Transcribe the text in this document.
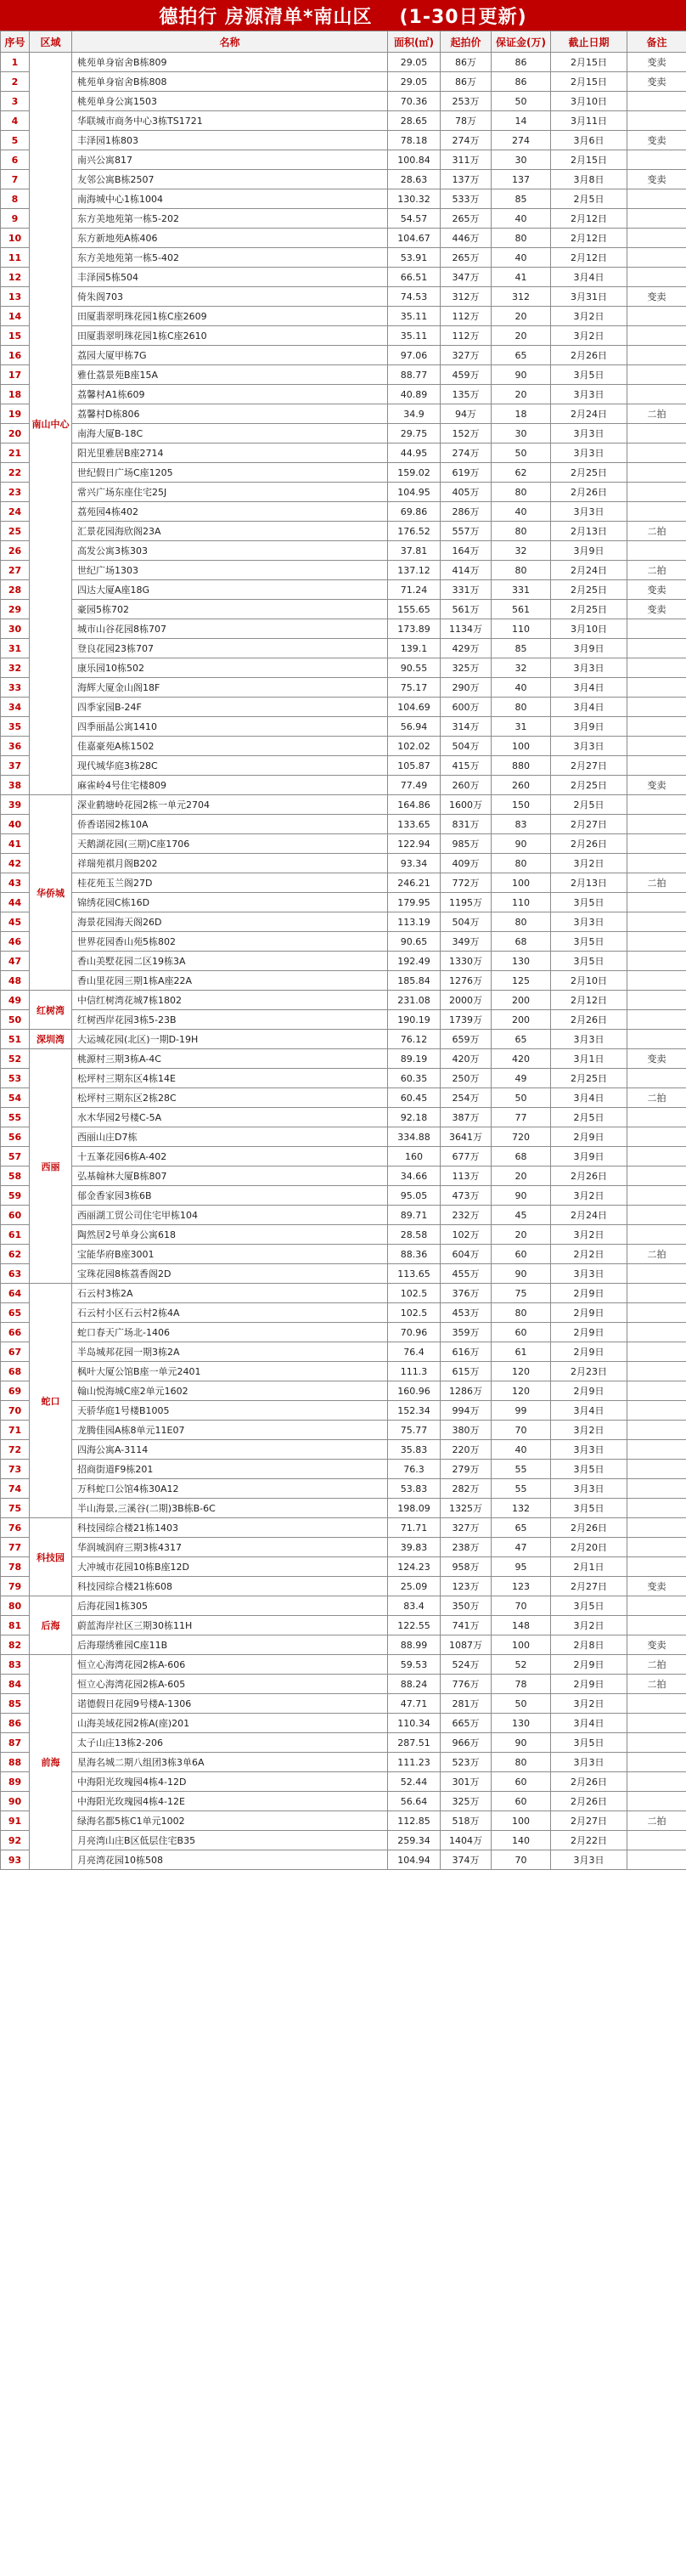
德拍行 房源清单*南山区 (1-30日更新)
序号	区域	名称	面积(㎡)	起拍价	保证金(万)	截止日期	备注
1	南山中心	桃苑单身宿舍B栋809	29.05	86万	86	2月15日	变卖
2		桃苑单身宿舍B栋808	29.05	86万	86	2月15日	变卖
3		桃苑单身公寓1503	70.36	253万	50	3月10日	
4		华联城市商务中心3栋TS1721	28.65	78万	14	3月11日	
5		丰泽园1栋803	78.18	274万	274	3月6日	变卖
6		南兴公寓817	100.84	311万	30	2月15日	
7		友邻公寓B栋2507	28.63	137万	137	3月8日	变卖
8		南海城中心1栋1004	130.32	533万	85	2月5日	
9		东方美地苑第一栋5-202	54.57	265万	40	2月12日	
10		东方新地苑A栋406	104.67	446万	80	2月12日	
11		东方美地苑第一栋5-402	53.91	265万	40	2月12日	
12		丰泽园5栋504	66.51	347万	41	3月4日	
13		倚朱阁703	74.53	312万	312	3月31日	变卖
14		田厦翡翠明珠花园1栋C座2609	35.11	112万	20	3月2日	
15		田厦翡翠明珠花园1栋C座2610	35.11	112万	20	3月2日	
16		荔园大厦甲栋7G	97.06	327万	65	2月26日	
17		雅仕荔景苑B座15A	88.77	459万	90	3月5日	
18		荔馨村A1栋609	40.89	135万	20	3月3日	
19		荔馨村D栋806	34.9	94万	18	2月24日	二拍
20		南海大厦B-18C	29.75	152万	30	3月3日	
21		阳光里雅居B座2714	44.95	274万	50	3月3日	
22		世纪假日广场C座1205	159.02	619万	62	2月25日	
23		常兴广场东座住宅25J	104.95	405万	80	2月26日	
24		荔苑园4栋402	69.86	286万	40	3月3日	
25		汇景花园海欣阁23A	176.52	557万	80	2月13日	二拍
26		高发公寓3栋303	37.81	164万	32	3月9日	
27		世纪广场1303	137.12	414万	80	2月24日	二拍
28		四达大厦A座18G	71.24	331万	331	2月25日	变卖
29		豪园5栋702	155.65	561万	561	2月25日	变卖
30		城市山谷花园8栋707	173.89	1134万	110	3月10日	
31		登良花园23栋707	139.1	429万	85	3月9日	
32		康乐园10栋502	90.55	325万	32	3月3日	
33		海辉大厦金山阁18F	75.17	290万	40	3月4日	
34		四季家园B-24F	104.69	600万	80	3月4日	
35		四季丽晶公寓1410	56.94	314万	31	3月9日	
36		佳嘉豪苑A栋1502	102.02	504万	100	3月3日	
37		现代城华庭3栋28C	105.87	415万	880	2月27日	
38		麻雀岭4号住宅楼809	77.49	260万	260	2月25日	变卖
39	华侨城	深业鹤塘岭花园2栋一单元2704	164.86	1600万	150	2月5日	
40		侨香诺园2栋10A	133.65	831万	83	2月27日	
41		天鹅湖花园(三期)C座1706	122.94	985万	90	2月26日	
42		祥瑞苑祺月阁B202	93.34	409万	80	3月2日	
43		桂花苑玉兰阁27D	246.21	772万	100	2月13日	二拍
44		锦绣花园C栋16D	179.95	1195万	110	3月5日	
45		海景花园海天阁26D	113.19	504万	80	3月3日	
46		世界花园香山苑5栋802	90.65	349万	68	3月5日	
47		香山美墅花园二区19栋3A	192.49	1330万	130	3月5日	
48		香山里花园三期1栋A座22A	185.84	1276万	125	2月10日	
49	红树湾	中信红树湾花城7栋1802	231.08	2000万	200	2月12日	
50		红树西岸花园3栋5-23B	190.19	1739万	200	2月26日	
51	深圳湾	大运城花园(北区)一期D-19H	76.12	659万	65	3月3日	
52	西丽	桃源村三期3栋A-4C	89.19	420万	420	3月1日	变卖
53		松坪村三期东区4栋14E	60.35	250万	49	2月25日	
54		松坪村三期东区2栋28C	60.45	254万	50	3月4日	二拍
55		水木华园2号楼C-5A	92.18	387万	77	2月5日	
56		西丽山庄D7栋	334.88	3641万	720	2月9日	
57		十五峯花园6栋A-402	160	677万	68	3月9日	
58		弘基翰林大厦B栋807	34.66	113万	20	2月26日	
59		郁金香家园3栋6B	95.05	473万	90	3月2日	
60		西丽湖工贸公司住宅甲栋104	89.71	232万	45	2月24日	
61		陶然居2号单身公寓618	28.58	102万	20	3月2日	
62		宝能华府B座3001	88.36	604万	60	2月2日	二拍
63		宝珠花园8栋荔香阁2D	113.65	455万	90	3月3日	
64	蛇口	石云村3栋2A	102.5	376万	75	2月9日	
65		石云村小区石云村2栋4A	102.5	453万	80	2月9日	
66		蛇口春天广场北-1406	70.96	359万	60	2月9日	
67		半岛城邦花园一期3栋2A	76.4	616万	61	2月9日	
68		枫叶大厦公馆B座一单元2401	111.3	615万	120	2月23日	
69		翰山悦海城C座2单元1602	160.96	1286万	120	2月9日	
70		天骄华庭1号楼B1005	152.34	994万	99	3月4日	
71		龙腾佳园A栋8单元11E07	75.77	380万	70	3月2日	
72		四海公寓A-3114	35.83	220万	40	3月3日	
73		招商街道F9栋201	76.3	279万	55	3月5日	
74		万科蛇口公馆4栋30A12	53.83	282万	55	3月3日	
75		半山海景,三溪谷(二期)3B栋B-6C	198.09	1325万	132	3月5日	
76	科技园	科技园综合楼21栋1403	71.71	327万	65	2月26日	
77		华润城润府三期3栋4317	39.83	238万	47	2月20日	
78		大冲城市花园10栋B座12D	124.23	958万	95	2月1日	
79		科技园综合楼21栋608	25.09	123万	123	2月27日	变卖
80	后海	后海花园1栋305	83.4	350万	70	3月5日	
81		蔚蓝海岸社区三期30栋11H	122.55	741万	148	3月2日	
82		后海璟绣雅园C座11B	88.99	1087万	100	2月8日	变卖
83	前海	恒立心海湾花园2栋A-606	59.53	524万	52	2月9日	二拍
84		恒立心海湾花园2栋A-605	88.24	776万	78	2月9日	二拍
85		诺德假日花园9号楼A-1306	47.71	281万	50	3月2日	
86		山海美域花园2栋A(座)201	110.34	665万	130	3月4日	
87		太子山庄13栋2-206	287.51	966万	90	3月5日	
88		星海名城二期八组团3栋3单6A	111.23	523万	80	3月3日	
89		中海阳光玫瑰园4栋4-12D	52.44	301万	60	2月26日	
90		中海阳光玫瑰园4栋4-12E	56.64	325万	60	2月26日	
91		绿海名都5栋C1单元1002	112.85	518万	100	2月27日	二拍
92		月亮湾山庄B区低层住宅B35	259.34	1404万	140	2月22日	
93		月亮湾花园10栋508	104.94	374万	70	3月3日	
